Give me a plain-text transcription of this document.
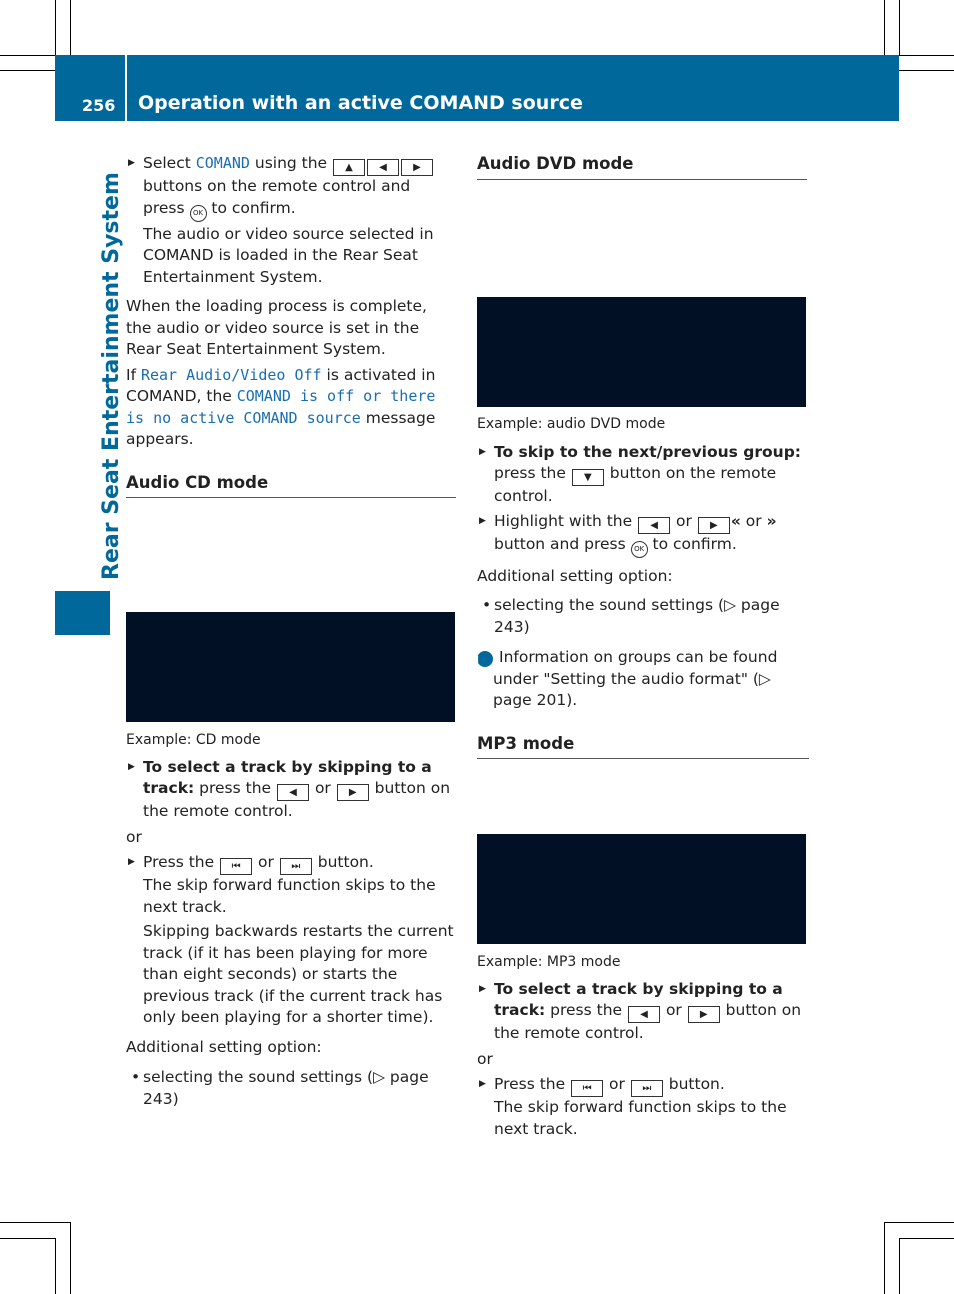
256 Operation with an active COMAND source
Rear Seat Entertainment System

▶ Select COMAND using the ▲	◀	▶ buttons on the remote control and press OK to confirm.

The audio or video source selected in COMAND is loaded in the Rear Seat Entertainment System.

When the loading process is complete, the audio or video source is set in the Rear Seat Entertainment System.

If Rear Audio/Video Off is activated in COMAND, the COMAND is off or there is no active COMAND source message appears.

Audio CD mode

Example: CD mode

▶ To select a track by skipping to a track: press the ◀ or ▶ button on the remote control.

or

▶ Press the ⏮ or ⏭ button.

The skip forward function skips to the next track.

Skipping backwards restarts the current track (if it has been playing for more than eight seconds) or starts the previous track (if the current track has only been playing for a shorter time).

Additional setting option:

• selecting the sound settings (▷ page 243)

Audio DVD mode

Example: audio DVD mode

▶ To skip to the next/previous group: press the ▼ button on the remote control.

▶ Highlight with the ◀ or ▶ « or » button and press OK to confirm.

Additional setting option:

• selecting the sound settings (▷ page 243)

i Information on groups can be found under "Setting the audio format" (▷ page 201).

MP3 mode

Example: MP3 mode

▶ To select a track by skipping to a track: press the ◀ or ▶ button on the remote control.

or

▶ Press the ⏮ or ⏭ button.

The skip forward function skips to the next track.
